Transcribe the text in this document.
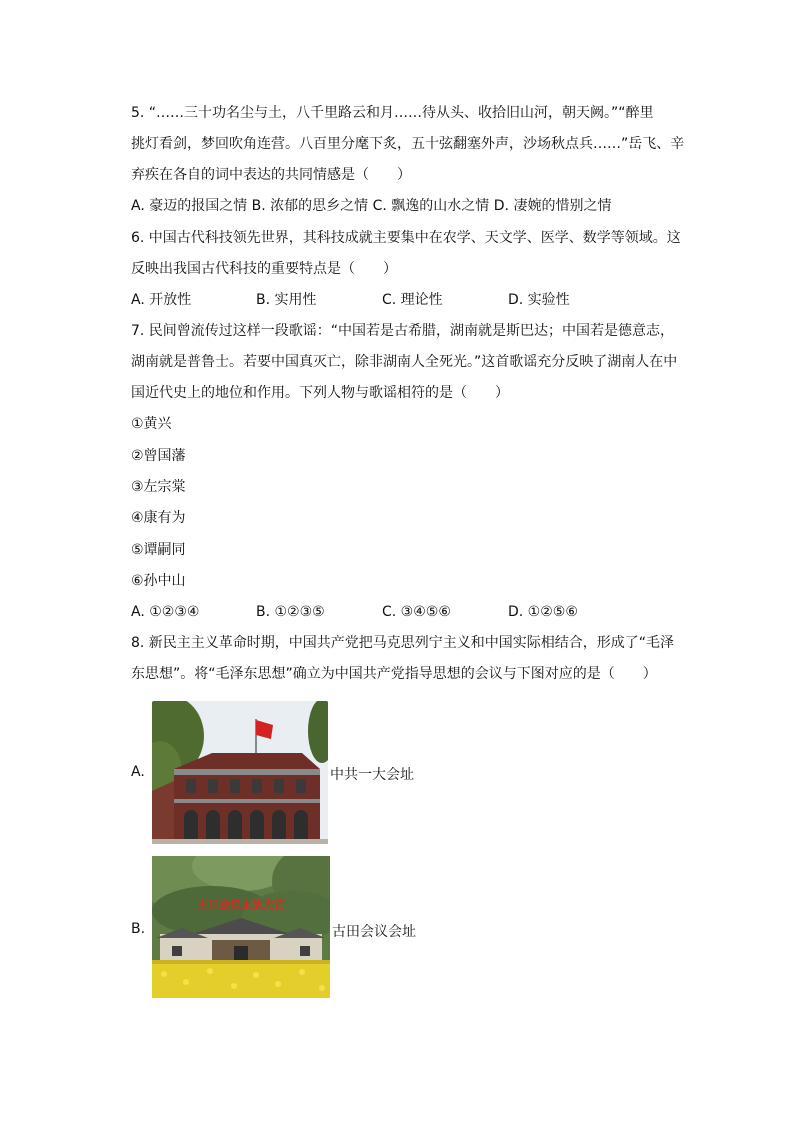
5. “……三十功名尘与土，八千里路云和月……待从头、收拾旧山河，朝天阙。”“醉里
挑灯看剑，梦回吹角连营。八百里分麾下炙，五十弦翻塞外声，沙场秋点兵……”岳飞、辛
弃疾在各自的词中表达的共同情感是（　　）
A. 豪迈的报国之情 B. 浓郁的思乡之情 C. 飘逸的山水之情 D. 凄婉的惜别之情
6. 中国古代科技领先世界，其科技成就主要集中在农学、天文学、医学、数学等领域。这
反映出我国古代科技的重要特点是（　　）
A. 开放性	B. 实用性	C. 理论性	D. 实验性
7. 民间曾流传过这样一段歌谣：“中国若是古希腊，湖南就是斯巴达；中国若是德意志，
湖南就是普鲁士。若要中国真灭亡，除非湖南人全死光。”这首歌谣充分反映了湖南人在中
国近代史上的地位和作用。下列人物与歌谣相符的是（　　）
①黄兴
②曾国藩
③左宗棠
④康有为
⑤谭嗣同
⑥孙中山
A. ①②③④	B. ①②③⑤	C. ③④⑤⑥	D. ①②⑤⑥
8. 新民主主义革命时期，中国共产党把马克思列宁主义和中国实际相结合，形成了“毛泽
东思想”。将“毛泽东思想”确立为中国共产党指导思想的会议与下图对应的是（　　）
A.	中共一大会址
B.
古田会议永放光芒
古田会议会址
